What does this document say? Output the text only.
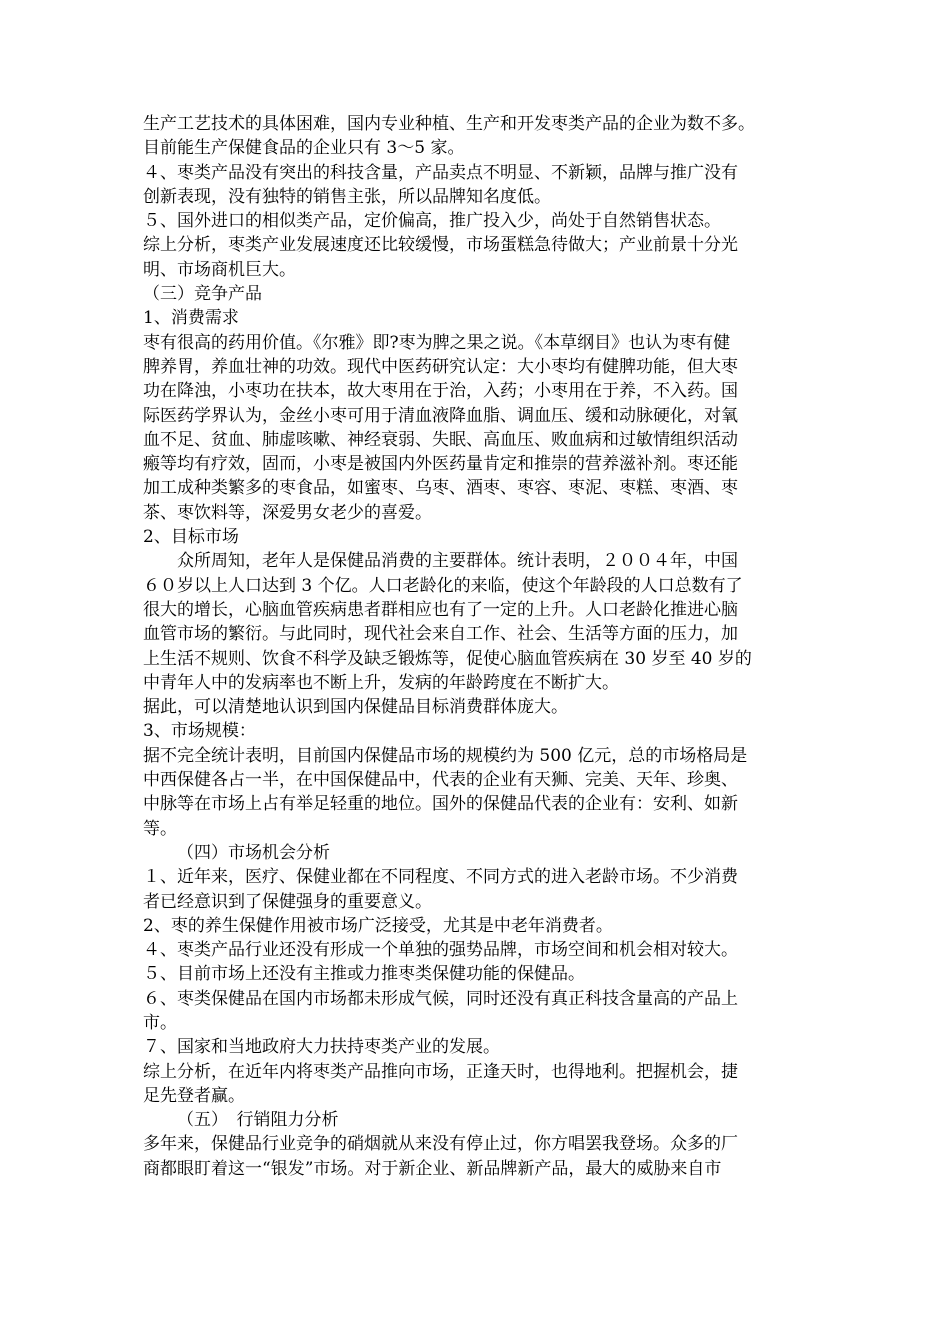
生产工艺技术的具体困难，国内专业种植、生产和开发枣类产品的企业为数不多。
目前能生产保健食品的企业只有 3～5 家。
４、枣类产品没有突出的科技含量，产品卖点不明显、不新颖，品牌与推广没有
创新表现，没有独特的销售主张，所以品牌知名度低。
５、国外进口的相似类产品，定价偏高，推广投入少，尚处于自然销售状态。
综上分析，枣类产业发展速度还比较缓慢，市场蛋糕急待做大；产业前景十分光
明、市场商机巨大。
（三）竞争产品
1、消费需求
枣有很高的药用价值。《尔雅》即?枣为脾之果之说。《本草纲目》也认为枣有健
脾养胃，养血壮神的功效。现代中医药研究认定：大小枣均有健脾功能，但大枣
功在降浊，小枣功在扶本，故大枣用在于治，入药；小枣用在于养，不入药。国
际医药学界认为，金丝小枣可用于清血液降血脂、调血压、缓和动脉硬化，对氧
血不足、贫血、肺虚咳嗽、神经衰弱、失眠、高血压、败血病和过敏情组织活动
瘢等均有疗效，固而，小枣是被国内外医药量肯定和推崇的营养滋补剂。枣还能
加工成种类繁多的枣食品，如蜜枣、乌枣、酒枣、枣容、枣泥、枣糕、枣酒、枣
茶、枣饮料等，深爱男女老少的喜爱。
2、目标市场
众所周知，老年人是保健品消费的主要群体。统计表明，２００４年，中国
６０岁以上人口达到 3 个亿。人口老龄化的来临，使这个年龄段的人口总数有了
很大的增长，心脑血管疾病患者群相应也有了一定的上升。人口老龄化推进心脑
血管市场的繁衍。与此同时，现代社会来自工作、社会、生活等方面的压力，加
上生活不规则、饮食不科学及缺乏锻炼等，促使心脑血管疾病在 30 岁至 40 岁的
中青年人中的发病率也不断上升，发病的年龄跨度在不断扩大。
据此，可以清楚地认识到国内保健品目标消费群体庞大。
3、市场规模：
据不完全统计表明，目前国内保健品市场的规模约为 500 亿元，总的市场格局是
中西保健各占一半，在中国保健品中，代表的企业有天狮、完美、天年、珍奥、
中脉等在市场上占有举足轻重的地位。国外的保健品代表的企业有：安利、如新
等。
（四）市场机会分析
１、近年来，医疗、保健业都在不同程度、不同方式的进入老龄市场。不少消费
者已经意识到了保健强身的重要意义。
2、枣的养生保健作用被市场广泛接受，尤其是中老年消费者。
４、枣类产品行业还没有形成一个单独的强势品牌，市场空间和机会相对较大。
５、目前市场上还没有主推或力推枣类保健功能的保健品。
６、枣类保健品在国内市场都未形成气候，同时还没有真正科技含量高的产品上
市。
７、国家和当地政府大力扶持枣类产业的发展。
综上分析，在近年内将枣类产品推向市场，正逢天时，也得地利。把握机会，捷
足先登者赢。
（五）　行销阻力分析
多年来，保健品行业竞争的硝烟就从来没有停止过，你方唱罢我登场。众多的厂
商都眼盯着这一“银发”市场。对于新企业、新品牌新产品，最大的威胁来自市
